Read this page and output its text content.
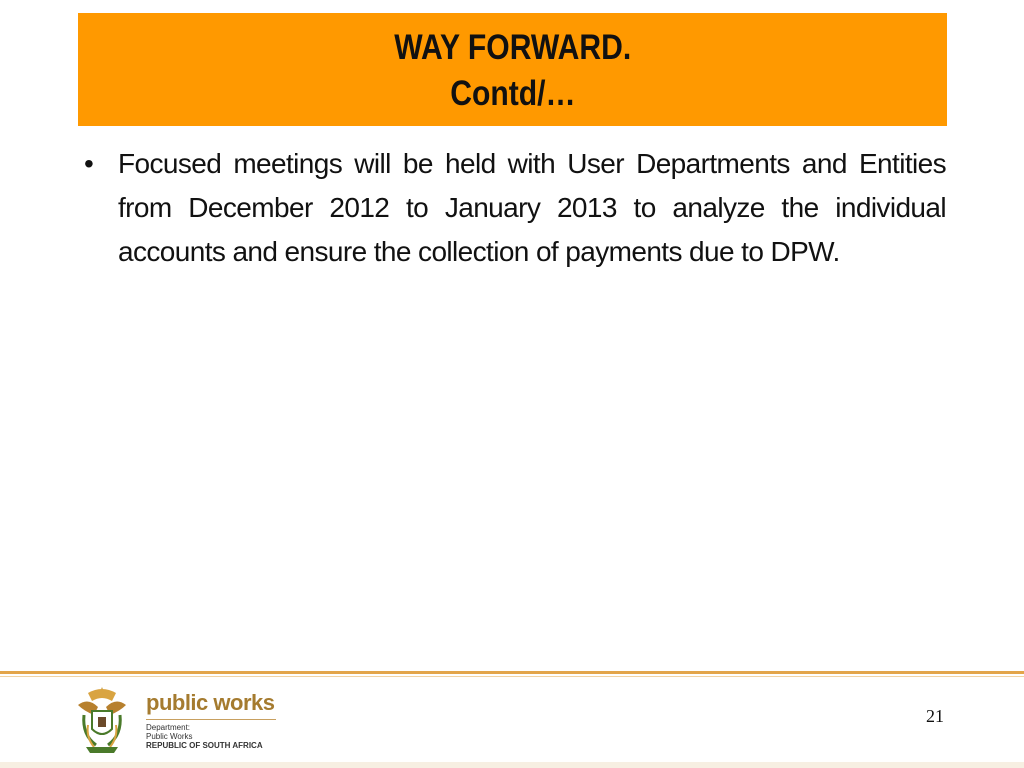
WAY FORWARD.
Contd/…
• Focused meetings will be held with User Departments and Entities from December 2012 to January 2013 to analyze the individual accounts and ensure the collection of payments due to DPW.
public works
Department:
Public Works
REPUBLIC OF SOUTH AFRICA
21
